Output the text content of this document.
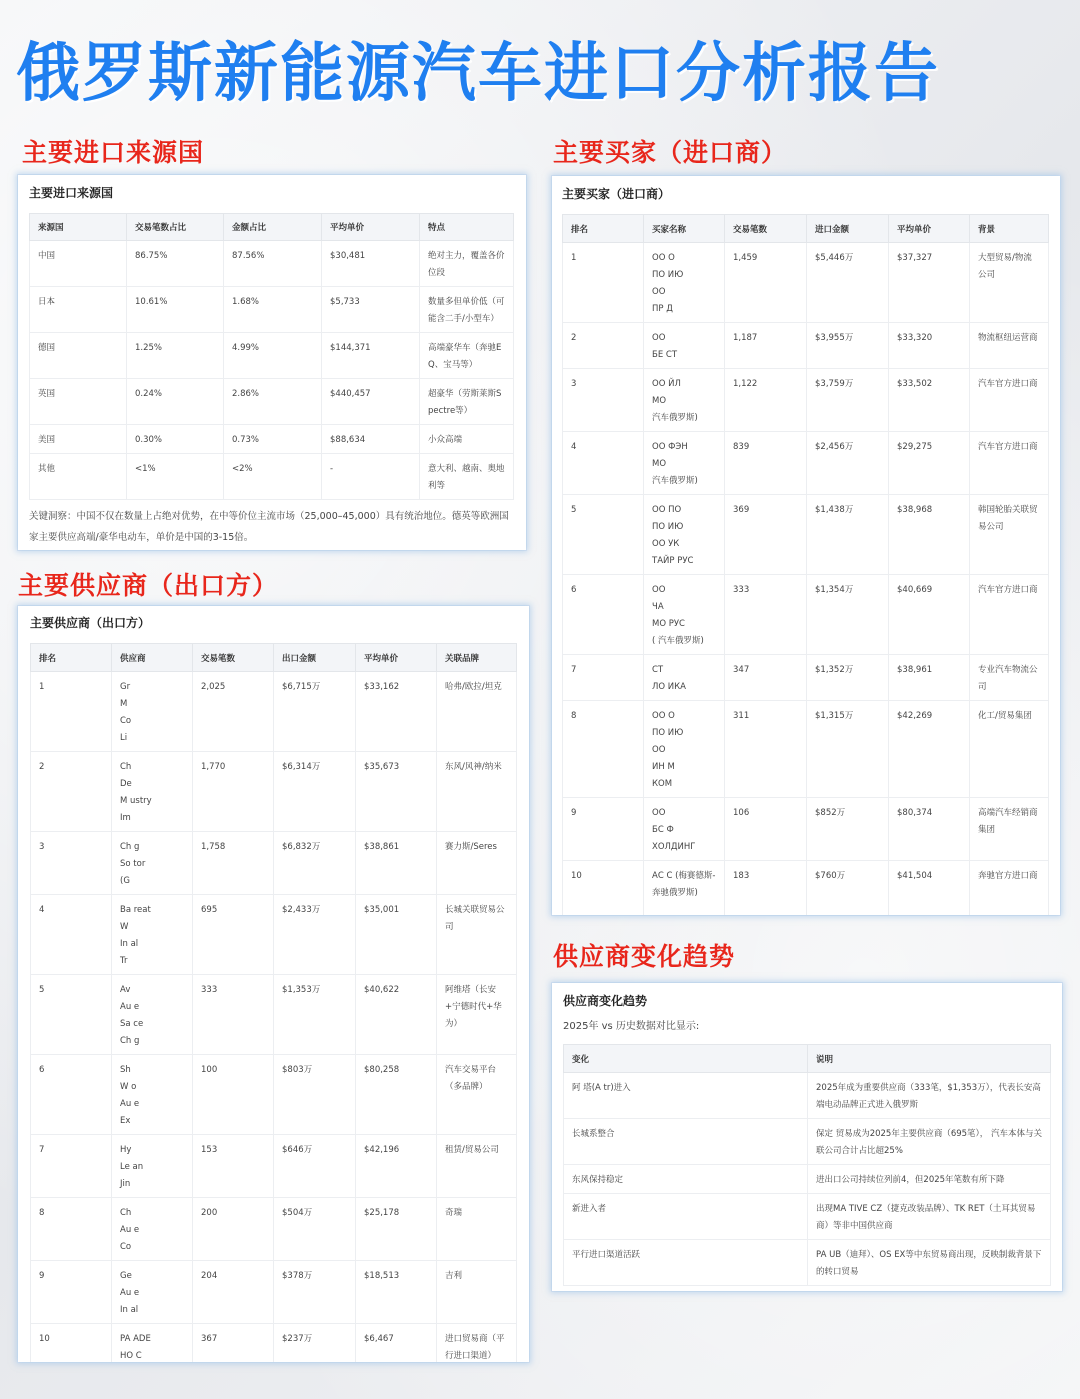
俄罗斯新能源汽车进口分析报告
主要进口来源国	主要买家（进口商）
主要供应商（出口方）
供应商变化趋势
主要进口来源国
来源国	交易笔数占比	金额占比	平均单价	特点
中国	86.75%	87.56%	$30,481	绝对主力，覆盖各价位段
日本	10.61%	1.68%	$5,733	数量多但单价低（可能含二手/小型车）
德国	1.25%	4.99%	$144,371	高端豪华车（奔驰EQ、宝马等）
英国	0.24%	2.86%	$440,457	超豪华（劳斯莱斯Spectre等）
美国	0.30%	0.73%	$88,634	小众高端
其他	<1%	<2%	-	意大利、越南、奥地利等
关键洞察：中国不仅在数量上占绝对优势，在中等价位主流市场（25,000–45,000）具有统治地位。德英等欧洲国家主要供应高端/豪华电动车，单价是中国的3-15倍。
主要买家（进口商）
排名	买家名称	交易笔数	进口金额	平均单价	背景
1	ОО О
ПО ИЮ
ОО
ПР Д	1,459	$5,446万	$37,327	大型贸易/物流公司
2	ОО
БЕ СТ	1,187	$3,955万	$33,320	物流枢纽运营商
3	ОО ЙЛ
МО
汽车俄罗斯)	1,122	$3,759万	$33,502	汽车官方进口商
4	ОО ФЭН
МО
汽车俄罗斯)	839	$2,456万	$29,275	汽车官方进口商
5	ОО ПО
ПО ИЮ
ОО УК
ТАЙР РУС	369	$1,438万	$38,968	韩国轮胎关联贸易公司
6	ОО
ЧА
МО РУС
( 汽车俄罗斯)	333	$1,354万	$40,669	汽车官方进口商
7	СТ
ЛО ИКА	347	$1,352万	$38,961	专业汽车物流公司
8	ОО О
ПО ИЮ
ОО
ИН М
КОМ	311	$1,315万	$42,269	化工/贸易集团
9	ОО
БС Ф
ХОЛДИНГ	106	$852万	$80,374	高端汽车经销商集团
10	АС С (梅赛德斯-奔驰俄罗斯)	183	$760万	$41,504	奔驰官方进口商
主要供应商（出口方）
排名	供应商	交易笔数	出口金额	平均单价	关联品牌
1	Gr
M
Co
Li	2,025	$6,715万	$33,162	哈弗/欧拉/坦克
2	Ch
De
M ustry
Im	1,770	$6,314万	$35,673	东风/风神/纳米
3	Ch g
So tor
(G	1,758	$6,832万	$38,861	赛力斯/Seres
4	Ba reat
W
In al
Tr	695	$2,433万	$35,001	长城关联贸易公司
5	Av
Au e
Sa ce
Ch g	333	$1,353万	$40,622	阿维塔（长安+宁德时代+华为）
6	Sh
W o
Au e
Ex	100	$803万	$80,258	汽车交易平台（多品牌）
7	Hy
Le an
Jin	153	$646万	$42,196	租赁/贸易公司
8	Ch
Au e
Co	200	$504万	$25,178	奇瑞
9	Ge
Au e
In al	204	$378万	$18,513	吉利
10	PA ADE
HO C	367	$237万	$6,467	进口贸易商（平行进口渠道）
供应商变化趋势
2025年 vs 历史数据对比显示:
变化	说明
阿 塔(A tr)进入	2025年成为重要供应商（333笔，$1,353万），代表长安高端电动品牌正式进入俄罗斯
长城系整合	保定 贸易成为2025年主要供应商（695笔）， 汽车本体与关联公司合计占比超25%
东风保持稳定	进出口公司持续位列前4，但2025年笔数有所下降
新进入者	出现MA TIVE CZ（捷克改装品牌）、TK RET（土耳其贸易商）等非中国供应商
平行进口渠道活跃	PA UB（迪拜）、OS EX等中东贸易商出现，反映制裁背景下的转口贸易
